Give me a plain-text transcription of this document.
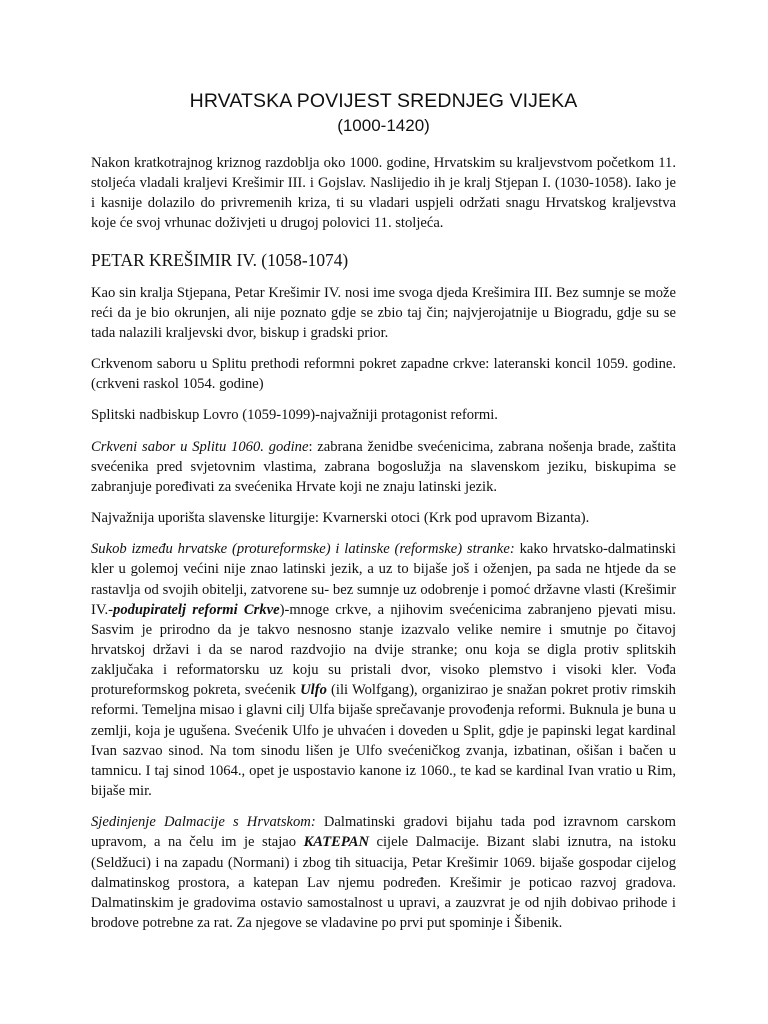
HRVATSKA POVIJEST SREDNJEG VIJEKA
(1000-1420)

Nakon kratkotrajnog kriznog razdoblja oko 1000. godine, Hrvatskim su kraljevstvom početkom 11. stoljeća vladali kraljevi Krešimir III. i Gojslav. Naslijedio ih je kralj Stjepan I. (1030-1058). Iako je i kasnije dolazilo do privremenih kriza, ti su vladari uspjeli održati snagu Hrvatskog kraljevstva koje će svoj vrhunac doživjeti u drugoj polovici 11. stoljeća.

PETAR KREŠIMIR IV. (1058-1074)

Kao sin kralja Stjepana, Petar Krešimir IV. nosi ime svoga djeda Krešimira III. Bez sumnje se može reći da je bio okrunjen, ali nije poznato gdje se zbio taj čin; najvjerojatnije u Biogradu, gdje su se tada nalazili kraljevski dvor, biskup i gradski prior.

Crkvenom saboru u Splitu prethodi reformni pokret zapadne crkve: lateranski koncil 1059. godine. (crkveni raskol 1054. godine)

Splitski nadbiskup Lovro (1059-1099)-najvažniji protagonist reformi.

Crkveni sabor u Splitu 1060. godine: zabrana ženidbe svećenicima, zabrana nošenja brade, zaštita svećenika pred svjetovnim vlastima, zabrana bogoslužja na slavenskom jeziku, biskupima se zabranjuje poređivati za svećenika Hrvate koji ne znaju latinski jezik.

Najvažnija uporišta slavenske liturgije: Kvarnerski otoci (Krk pod upravom Bizanta).

Sukob između hrvatske (protureformske) i latinske (reformske) stranke: kako hrvatsko-dalmatinski kler u golemoj većini nije znao latinski jezik, a uz to bijaše još i oženjen, pa sada ne htjede da se rastavlja od svojih obitelji, zatvorene su- bez sumnje uz odobrenje i pomoć državne vlasti (Krešimir IV.-podupiratelj reformi Crkve)-mnoge crkve, a njihovim svećenicima zabranjeno pjevati misu. Sasvim je prirodno da je takvo nesnosno stanje izazvalo velike nemire i smutnje po čitavoj hrvatskoj državi i da se narod razdvojio na dvije stranke; onu koja se digla protiv splitskih zaključaka i reformatorsku uz koju su pristali dvor, visoko plemstvo i visoki kler. Vođa protureformskog pokreta, svećenik Ulfo (ili Wolfgang), organizirao je snažan pokret protiv rimskih reformi. Temeljna misao i glavni cilj Ulfa bijaše sprečavanje provođenja reformi. Buknula je buna u zemlji, koja je ugušena. Svećenik Ulfo je uhvaćen i doveden u Split, gdje je papinski legat kardinal Ivan sazvao sinod. Na tom sinodu lišen je Ulfo svećeničkog zvanja, izbatinan, ošišan i bačen u tamnicu. I taj sinod 1064., opet je uspostavio kanone iz 1060., te kad se kardinal Ivan vratio u Rim, bijaše mir.

Sjedinjenje Dalmacije s Hrvatskom: Dalmatinski gradovi bijahu tada pod izravnom carskom upravom, a na čelu im je stajao KATEPAN cijele Dalmacije. Bizant slabi iznutra, na istoku (Seldžuci) i na zapadu (Normani) i zbog tih situacija, Petar Krešimir 1069. bijaše gospodar cijelog dalmatinskog prostora, a katepan Lav njemu podređen. Krešimir je poticao razvoj gradova. Dalmatinskim je gradovima ostavio samostalnost u upravi, a zauzvrat je od njih dobivao prihode i brodove potrebne za rat. Za njegove se vladavine po prvi put spominje i Šibenik.
